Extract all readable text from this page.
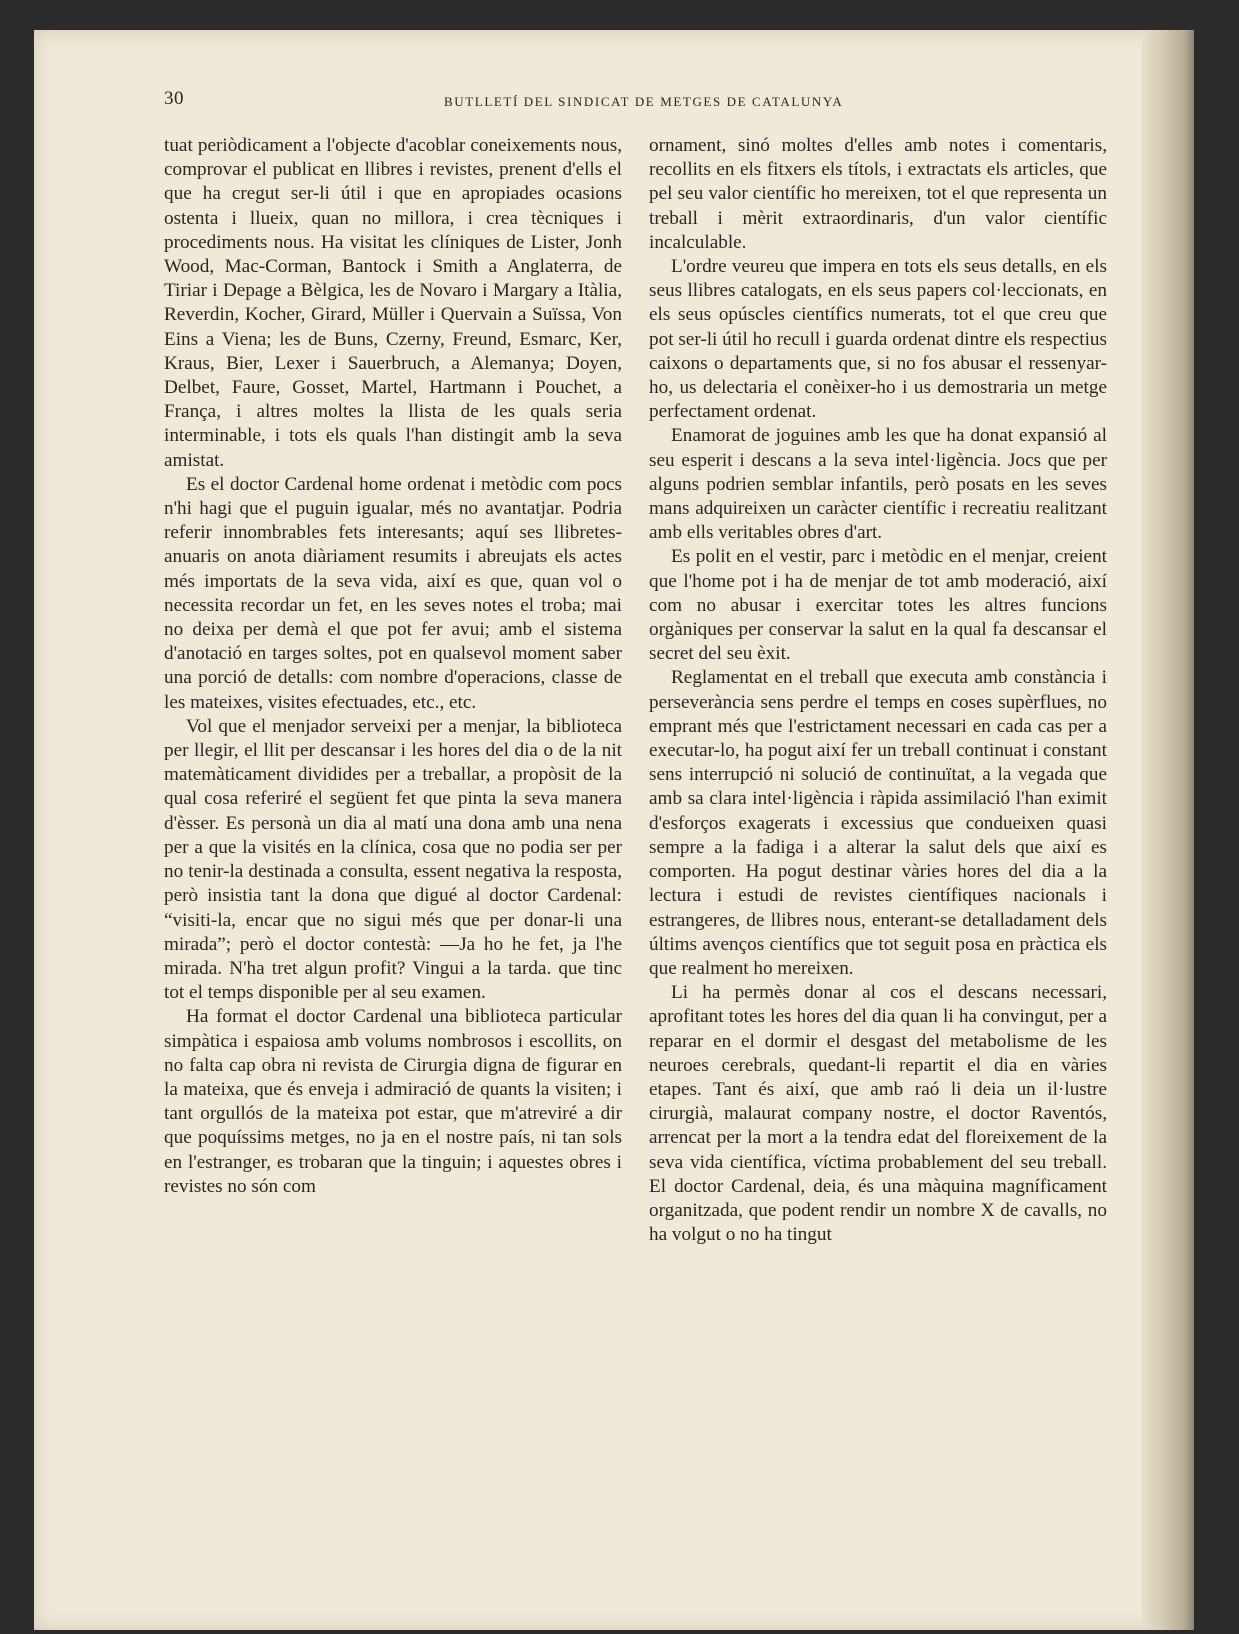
30	BUTLLETÍ DEL SINDICAT DE METGES DE CATALUNYA

tuat periòdicament a l'objecte d'acoblar coneixements nous, comprovar el publicat en llibres i revistes, prenent d'ells el que ha cregut ser-li útil i que en apropiades ocasions ostenta i llueix, quan no millora, i crea tècniques i procediments nous. Ha visitat les clíniques de Lister, Jonh Wood, Mac-Corman, Bantock i Smith a Anglaterra, de Tiriar i Depage a Bèlgica, les de Novaro i Margary a Itàlia, Reverdin, Kocher, Girard, Müller i Quervain a Suïssa, Von Eins a Viena; les de Buns, Czerny, Freund, Esmarc, Ker, Kraus, Bier, Lexer i Sauerbruch, a Alemanya; Doyen, Delbet, Faure, Gosset, Martel, Hartmann i Pouchet, a França, i altres moltes la llista de les quals seria interminable, i tots els quals l'han distingit amb la seva amistat.

Es el doctor Cardenal home ordenat i metòdic com pocs n'hi hagi que el puguin igualar, més no avantatjar. Podria referir innombrables fets interesants; aquí ses llibretes-anuaris on anota diàriament resumits i abreujats els actes més importats de la seva vida, així es que, quan vol o necessita recordar un fet, en les seves notes el troba; mai no deixa per demà el que pot fer avui; amb el sistema d'anotació en targes soltes, pot en qualsevol moment saber una porció de detalls: com nombre d'operacions, classe de les mateixes, visites efectuades, etc., etc.

Vol que el menjador serveixi per a menjar, la biblioteca per llegir, el llit per descansar i les hores del dia o de la nit matemàticament dividides per a treballar, a propòsit de la qual cosa referiré el següent fet que pinta la seva manera d'èsser. Es personà un dia al matí una dona amb una nena per a que la visités en la clínica, cosa que no podia ser per no tenir-la destinada a consulta, essent negativa la resposta, però insistia tant la dona que digué al doctor Cardenal: “visiti-la, encar que no sigui més que per donar-li una mirada”; però el doctor contestà: —Ja ho he fet, ja l'he mirada. N'ha tret algun profit? Vingui a la tarda. que tinc tot el temps disponible per al seu examen.

Ha format el doctor Cardenal una biblioteca particular simpàtica i espaiosa amb volums nombrosos i escollits, on no falta cap obra ni revista de Cirurgia digna de figurar en la mateixa, que és enveja i admiració de quants la visiten; i tant orgullós de la mateixa pot estar, que m'atreviré a dir que poquíssims metges, no ja en el nostre país, ni tan sols en l'estranger, es trobaran que la tinguin; i aquestes obres i revistes no són com

ornament, sinó moltes d'elles amb notes i comentaris, recollits en els fitxers els títols, i extractats els articles, que pel seu valor científic ho mereixen, tot el que representa un treball i mèrit extraordinaris, d'un valor científic incalculable.

L'ordre veureu que impera en tots els seus detalls, en els seus llibres catalogats, en els seus papers col·leccionats, en els seus opúscles científics numerats, tot el que creu que pot ser-li útil ho recull i guarda ordenat dintre els respectius caixons o departaments que, si no fos abusar el ressenyar-ho, us delectaria el conèixer-ho i us demostraria un metge perfectament ordenat.

Enamorat de joguines amb les que ha donat expansió al seu esperit i descans a la seva intel·ligència. Jocs que per alguns podrien semblar infantils, però posats en les seves mans adquireixen un caràcter científic i recreatiu realitzant amb ells veritables obres d'art.

Es polit en el vestir, parc i metòdic en el menjar, creient que l'home pot i ha de menjar de tot amb moderació, així com no abusar i exercitar totes les altres funcions orgàniques per conservar la salut en la qual fa descansar el secret del seu èxit.

Reglamentat en el treball que executa amb constància i perseverància sens perdre el temps en coses supèrflues, no emprant més que l'estrictament necessari en cada cas per a executar-lo, ha pogut així fer un treball continuat i constant sens interrupció ni solució de continuïtat, a la vegada que amb sa clara intel·ligència i ràpida assimilació l'han eximit d'esforços exagerats i excessius que condueixen quasi sempre a la fadiga i a alterar la salut dels que així es comporten. Ha pogut destinar vàries hores del dia a la lectura i estudi de revistes científiques nacionals i estrangeres, de llibres nous, enterant-se detalladament dels últims avenços científics que tot seguit posa en pràctica els que realment ho mereixen.

Li ha permès donar al cos el descans necessari, aprofitant totes les hores del dia quan li ha convingut, per a reparar en el dormir el desgast del metabolisme de les neuroes cerebrals, quedant-li repartit el dia en vàries etapes. Tant és així, que amb raó li deia un il·lustre cirurgià, malaurat company nostre, el doctor Raventós, arrencat per la mort a la tendra edat del floreixement de la seva vida científica, víctima probablement del seu treball. El doctor Cardenal, deia, és una màquina magníficament organitzada, que podent rendir un nombre X de cavalls, no ha volgut o no ha tingut
